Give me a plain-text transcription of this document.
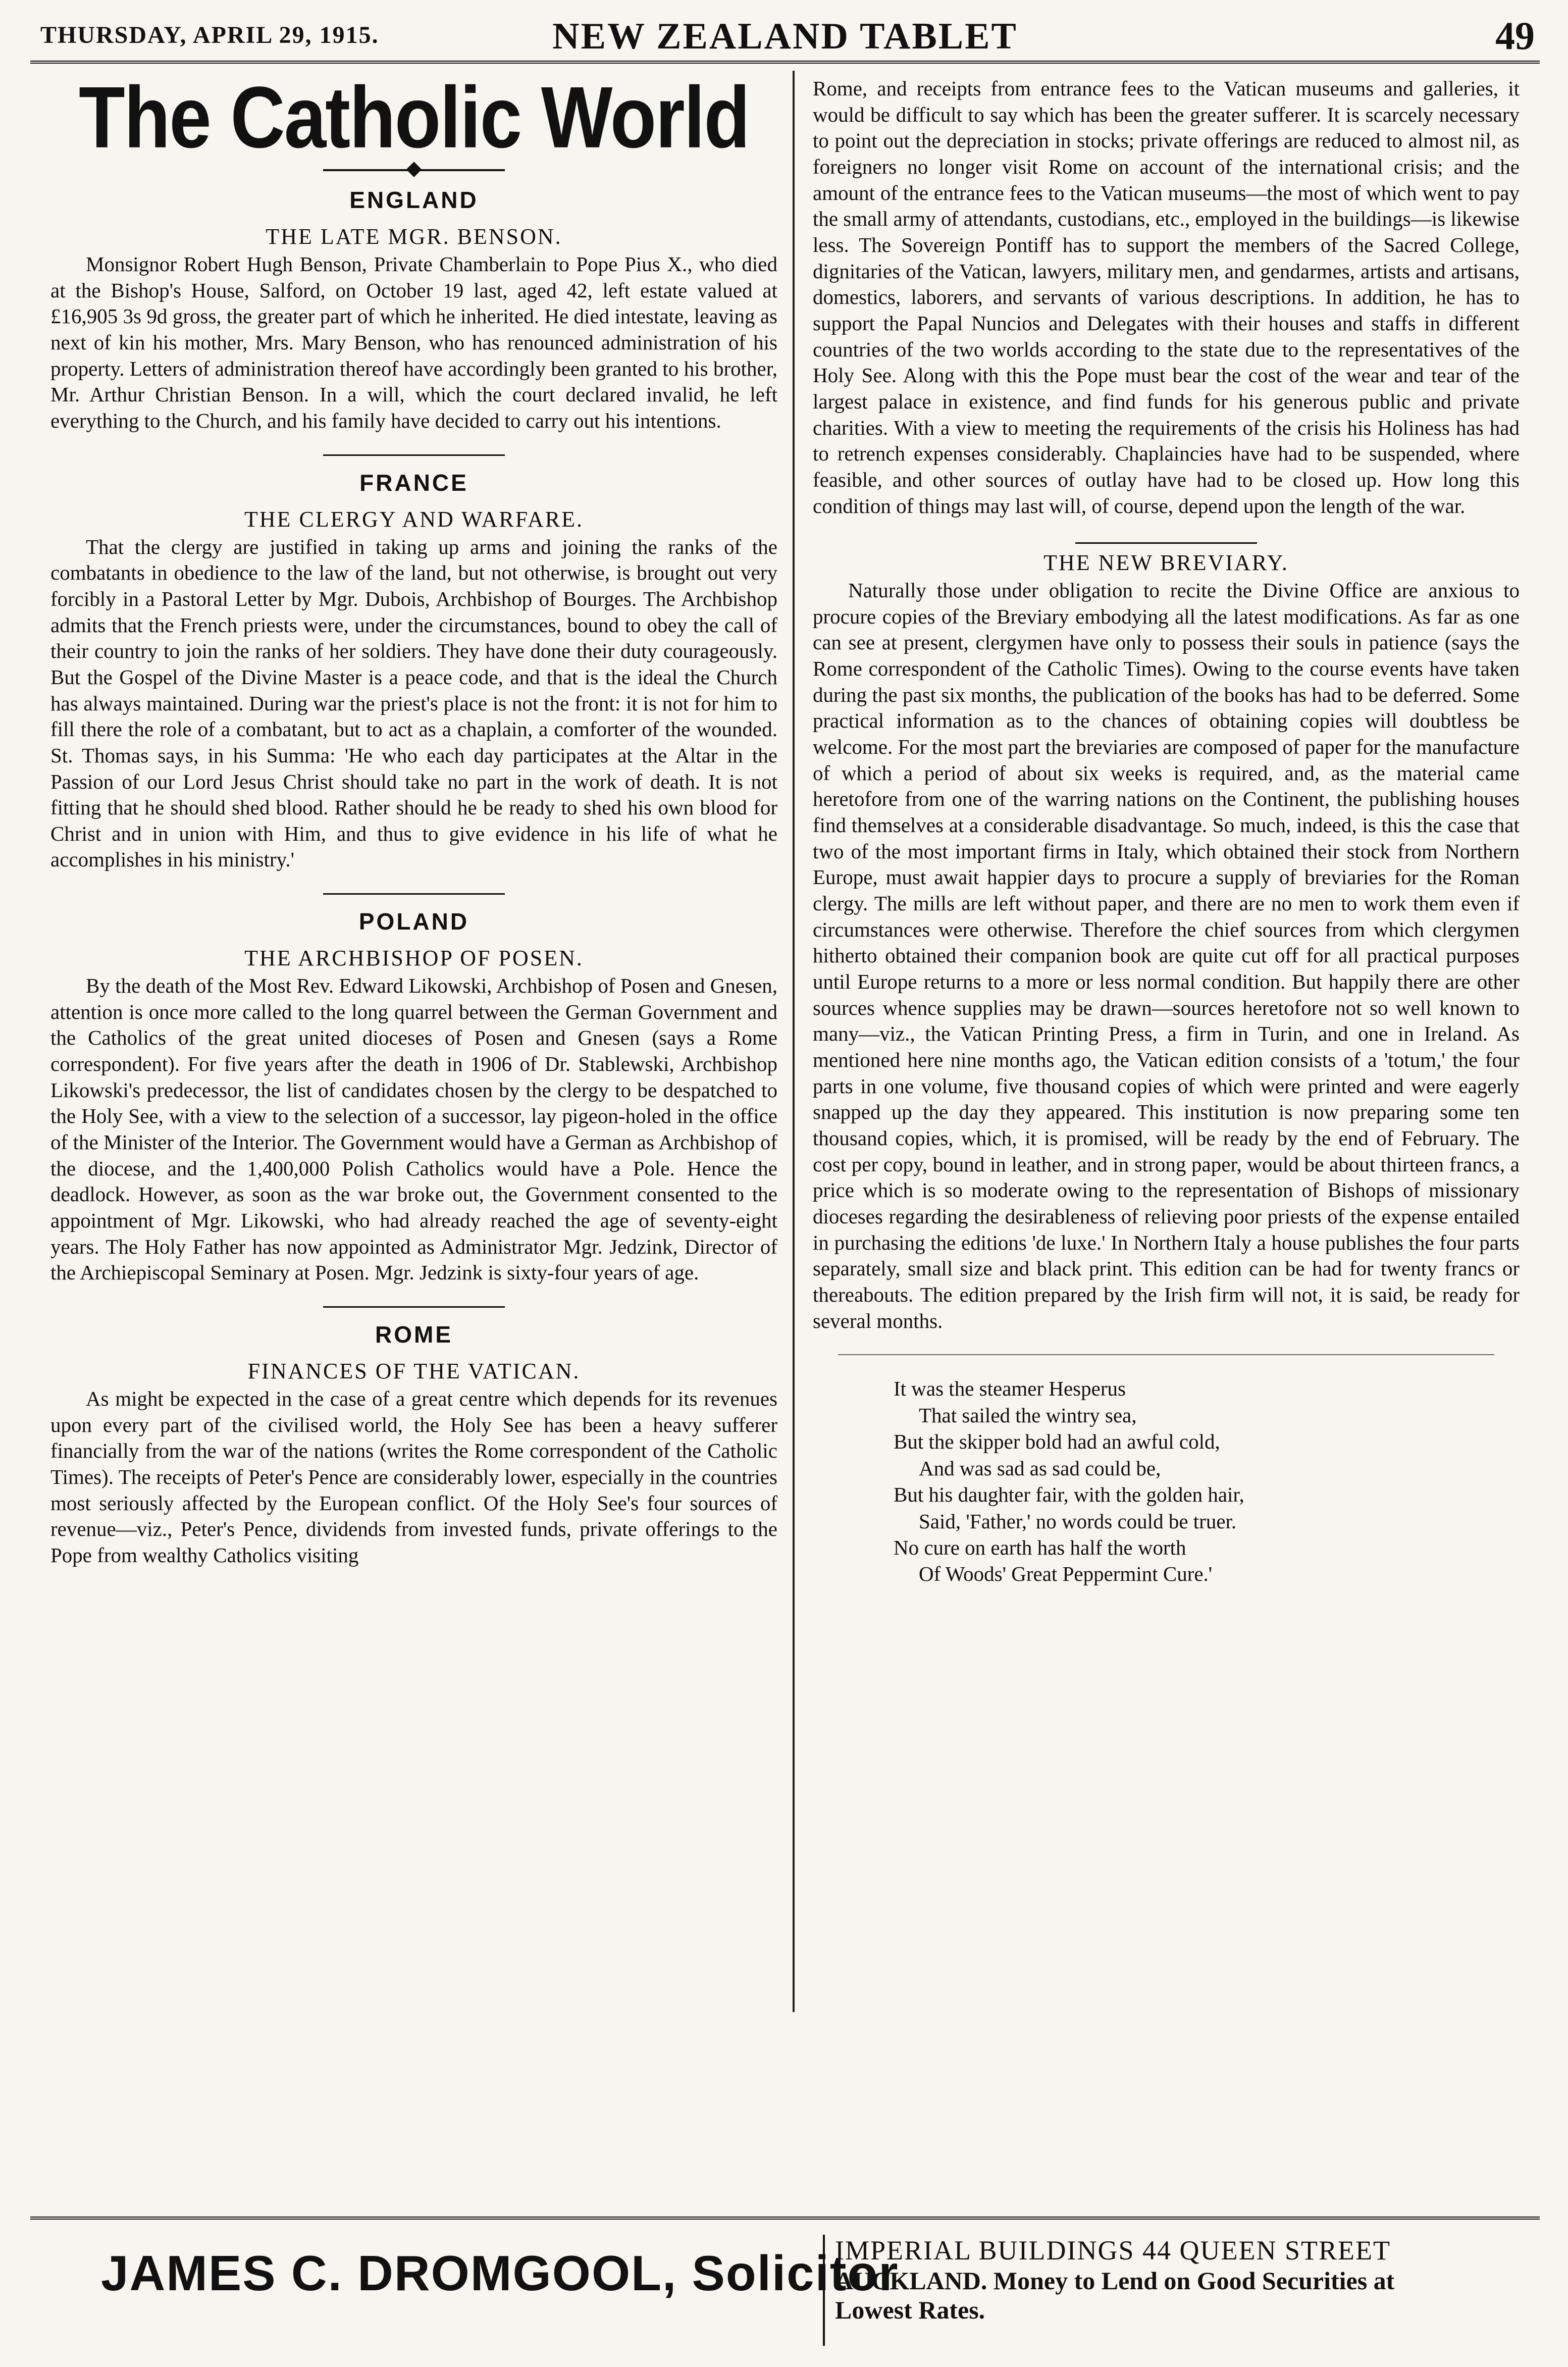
THURSDAY, APRIL 29, 1915.	NEW ZEALAND TABLET	49
The Catholic World
◆
ENGLAND
THE LATE MGR. BENSON.

Monsignor Robert Hugh Benson, Private Chamberlain to Pope Pius X., who died at the Bishop's House, Salford, on October 19 last, aged 42, left estate valued at £16,905 3s 9d gross, the greater part of which he inherited. He died intestate, leaving as next of kin his mother, Mrs. Mary Benson, who has renounced administration of his property. Letters of administration thereof have accordingly been granted to his brother, Mr. Arthur Christian Benson. In a will, which the court declared invalid, he left everything to the Church, and his family have decided to carry out his intentions.

FRANCE
THE CLERGY AND WARFARE.

That the clergy are justified in taking up arms and joining the ranks of the combatants in obedience to the law of the land, but not otherwise, is brought out very forcibly in a Pastoral Letter by Mgr. Dubois, Archbishop of Bourges. The Archbishop admits that the French priests were, under the circumstances, bound to obey the call of their country to join the ranks of her soldiers. They have done their duty courageously. But the Gospel of the Divine Master is a peace code, and that is the ideal the Church has always maintained. During war the priest's place is not the front: it is not for him to fill there the role of a combatant, but to act as a chaplain, a comforter of the wounded. St. Thomas says, in his Summa: 'He who each day participates at the Altar in the Passion of our Lord Jesus Christ should take no part in the work of death. It is not fitting that he should shed blood. Rather should he be ready to shed his own blood for Christ and in union with Him, and thus to give evidence in his life of what he accomplishes in his ministry.'

POLAND
THE ARCHBISHOP OF POSEN.

By the death of the Most Rev. Edward Likowski, Archbishop of Posen and Gnesen, attention is once more called to the long quarrel between the German Government and the Catholics of the great united dioceses of Posen and Gnesen (says a Rome correspondent). For five years after the death in 1906 of Dr. Stablewski, Archbishop Likowski's predecessor, the list of candidates chosen by the clergy to be despatched to the Holy See, with a view to the selection of a successor, lay pigeon-holed in the office of the Minister of the Interior. The Government would have a German as Archbishop of the diocese, and the 1,400,000 Polish Catholics would have a Pole. Hence the deadlock. However, as soon as the war broke out, the Government consented to the appointment of Mgr. Likowski, who had already reached the age of seventy-eight years. The Holy Father has now appointed as Administrator Mgr. Jedzink, Director of the Archiepiscopal Seminary at Posen. Mgr. Jedzink is sixty-four years of age.

ROME
FINANCES OF THE VATICAN.

As might be expected in the case of a great centre which depends for its revenues upon every part of the civilised world, the Holy See has been a heavy sufferer financially from the war of the nations (writes the Rome correspondent of the Catholic Times). The receipts of Peter's Pence are considerably lower, especially in the countries most seriously affected by the European conflict. Of the Holy See's four sources of revenue—viz., Peter's Pence, dividends from invested funds, private offerings to the Pope from wealthy Catholics visiting

Rome, and receipts from entrance fees to the Vatican museums and galleries, it would be difficult to say which has been the greater sufferer. It is scarcely necessary to point out the depreciation in stocks; private offerings are reduced to almost nil, as foreigners no longer visit Rome on account of the international crisis; and the amount of the entrance fees to the Vatican museums—the most of which went to pay the small army of attendants, custodians, etc., employed in the buildings—is likewise less. The Sovereign Pontiff has to support the members of the Sacred College, dignitaries of the Vatican, lawyers, military men, and gendarmes, artists and artisans, domestics, laborers, and servants of various descriptions. In addition, he has to support the Papal Nuncios and Delegates with their houses and staffs in different countries of the two worlds according to the state due to the representatives of the Holy See. Along with this the Pope must bear the cost of the wear and tear of the largest palace in existence, and find funds for his generous public and private charities. With a view to meeting the requirements of the crisis his Holiness has had to retrench expenses considerably. Chaplaincies have had to be suspended, where feasible, and other sources of outlay have had to be closed up. How long this condition of things may last will, of course, depend upon the length of the war.

THE NEW BREVIARY.

Naturally those under obligation to recite the Divine Office are anxious to procure copies of the Breviary embodying all the latest modifications. As far as one can see at present, clergymen have only to possess their souls in patience (says the Rome correspondent of the Catholic Times). Owing to the course events have taken during the past six months, the publication of the books has had to be deferred. Some practical information as to the chances of obtaining copies will doubtless be welcome. For the most part the breviaries are composed of paper for the manufacture of which a period of about six weeks is required, and, as the material came heretofore from one of the warring nations on the Continent, the publishing houses find themselves at a considerable disadvantage. So much, indeed, is this the case that two of the most important firms in Italy, which obtained their stock from Northern Europe, must await happier days to procure a supply of breviaries for the Roman clergy. The mills are left without paper, and there are no men to work them even if circumstances were otherwise. Therefore the chief sources from which clergymen hitherto obtained their companion book are quite cut off for all practical purposes until Europe returns to a more or less normal condition. But happily there are other sources whence supplies may be drawn—sources heretofore not so well known to many—viz., the Vatican Printing Press, a firm in Turin, and one in Ireland. As mentioned here nine months ago, the Vatican edition consists of a 'totum,' the four parts in one volume, five thousand copies of which were printed and were eagerly snapped up the day they appeared. This institution is now preparing some ten thousand copies, which, it is promised, will be ready by the end of February. The cost per copy, bound in leather, and in strong paper, would be about thirteen francs, a price which is so moderate owing to the representation of Bishops of missionary dioceses regarding the desirableness of relieving poor priests of the expense entailed in purchasing the editions 'de luxe.' In Northern Italy a house publishes the four parts separately, small size and black print. This edition can be had for twenty francs or thereabouts. The edition prepared by the Irish firm will not, it is said, be ready for several months.

It was the steamer Hesperus
That sailed the wintry sea,
But the skipper bold had an awful cold,
And was sad as sad could be,
But his daughter fair, with the golden hair,
Said, 'Father,' no words could be truer.
No cure on earth has half the worth
Of Woods' Great Peppermint Cure.'
JAMES C. DROMGOOL, Solicitor
IMPERIAL BUILDINGS 44 QUEEN STREET
AUCKLAND. Money to Lend on Good Securities at
Lowest Rates.
